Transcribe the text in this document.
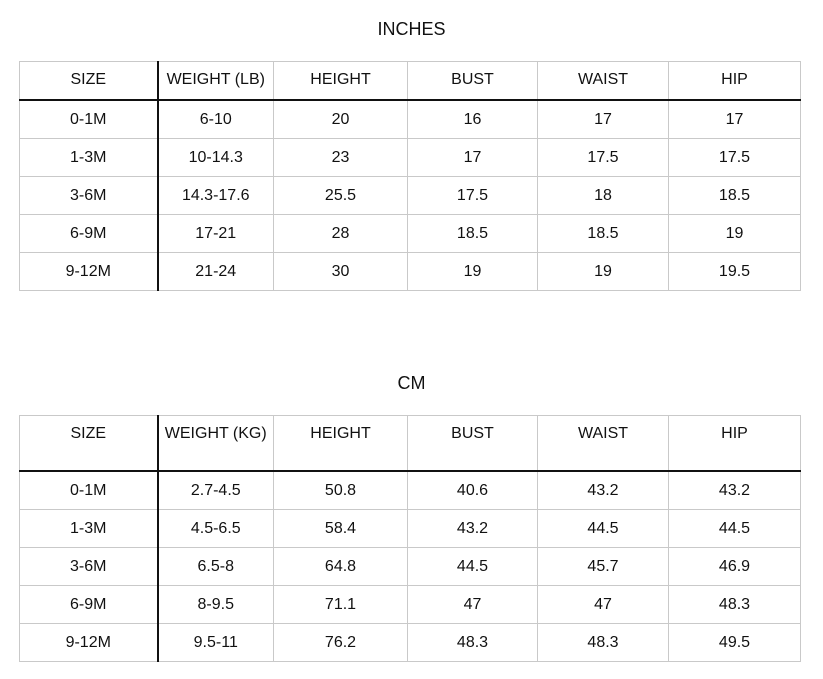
INCHES
SIZE	WEIGHT (LB)	HEIGHT	BUST	WAIST	HIP
0-1M	6-10	20	16	17	17
1-3M	10-14.3	23	17	17.5	17.5
3-6M	14.3-17.6	25.5	17.5	18	18.5
6-9M	17-21	28	18.5	18.5	19
9-12M	21-24	30	19	19	19.5
CM
SIZE	WEIGHT (KG)	HEIGHT	BUST	WAIST	HIP
0-1M	2.7-4.5	50.8	40.6	43.2	43.2
1-3M	4.5-6.5	58.4	43.2	44.5	44.5
3-6M	6.5-8	64.8	44.5	45.7	46.9
6-9M	8-9.5	71.1	47	47	48.3
9-12M	9.5-11	76.2	48.3	48.3	49.5
